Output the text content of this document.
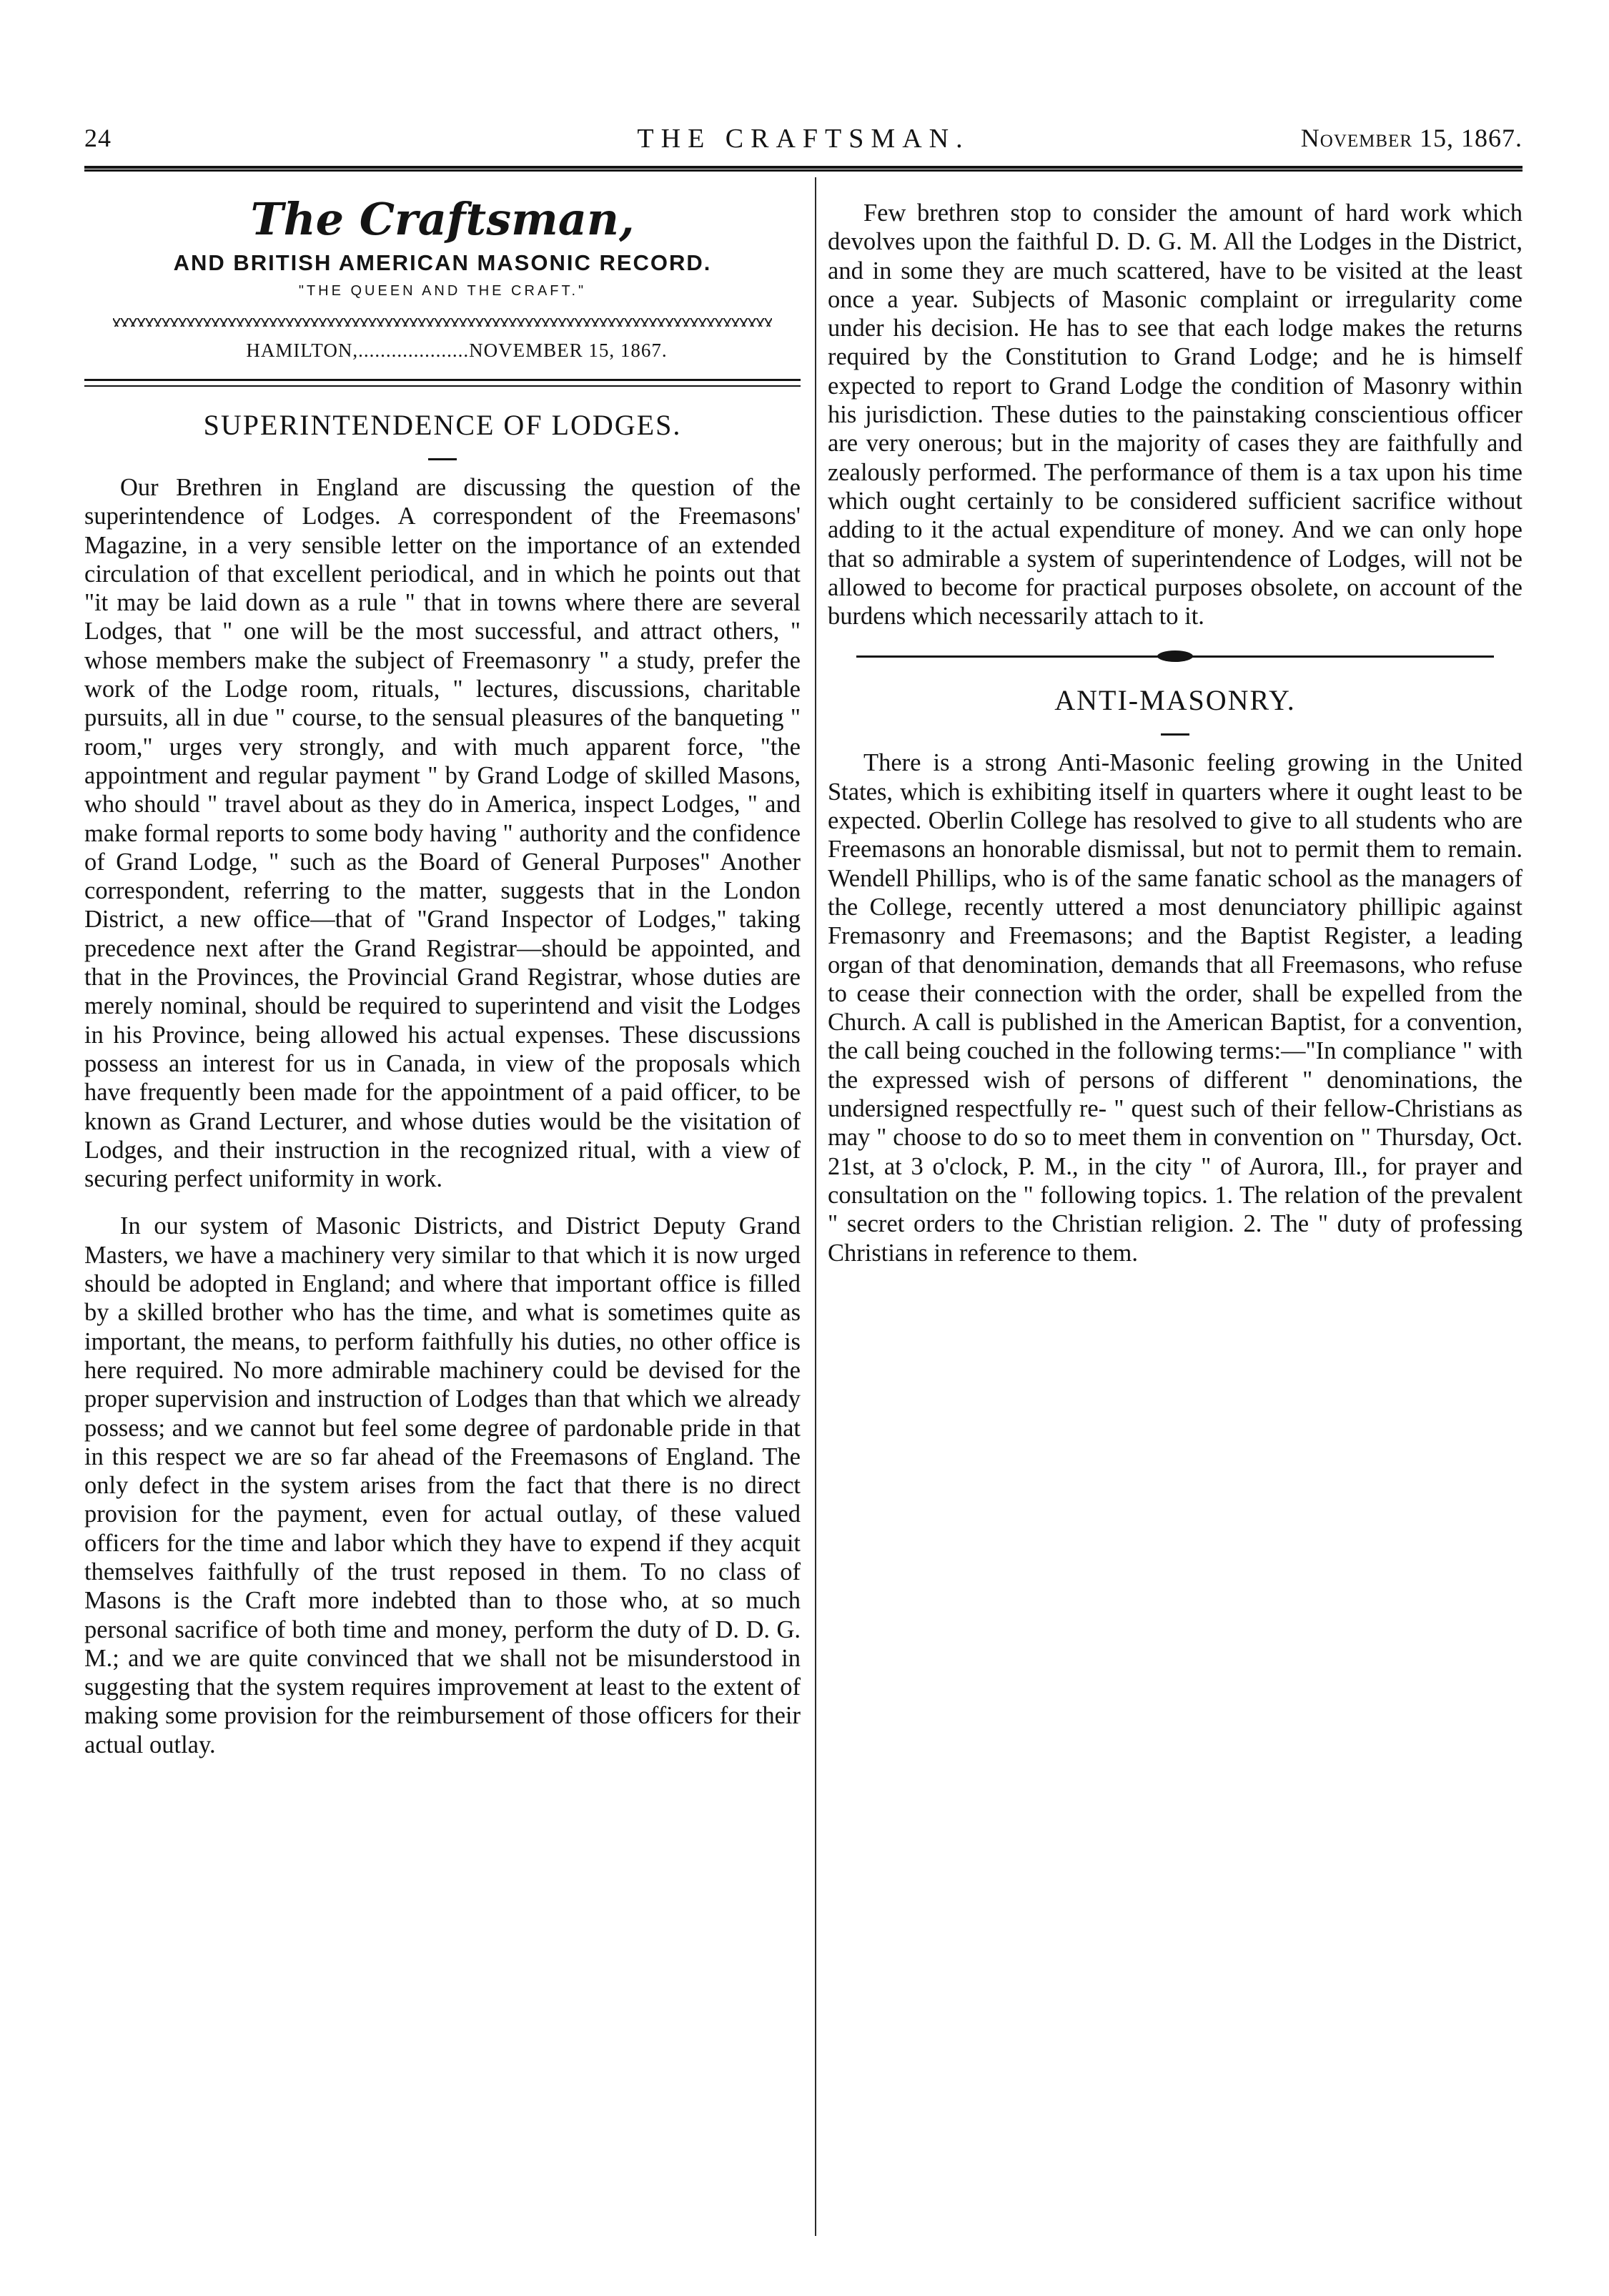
24	THE CRAFTSMAN.	November 15, 1867.
The Craftsman,
AND BRITISH AMERICAN MASONIC RECORD.
"THE QUEEN AND THE CRAFT."
HAMILTON,....................NOVEMBER 15, 1867.
SUPERINTENDENCE OF LODGES.

Our Brethren in England are discussing the question of the superintendence of Lodges. A correspondent of the Freemasons' Magazine, in a very sensible letter on the importance of an extended circulation of that excellent periodical, and in which he points out that "it may be laid down as a rule " that in towns where there are several Lodges, that " one will be the most successful, and attract others, " whose members make the subject of Freemasonry " a study, prefer the work of the Lodge room, rituals, " lectures, discussions, charitable pursuits, all in due " course, to the sensual pleasures of the banqueting " room," urges very strongly, and with much apparent force, "the appointment and regular payment " by Grand Lodge of skilled Masons, who should " travel about as they do in America, inspect Lodges, " and make formal reports to some body having " authority and the confidence of Grand Lodge, " such as the Board of General Purposes" Another correspondent, referring to the matter, suggests that in the London District, a new office—that of "Grand Inspector of Lodges," taking precedence next after the Grand Registrar—should be appointed, and that in the Provinces, the Provincial Grand Registrar, whose duties are merely nominal, should be required to superintend and visit the Lodges in his Province, being allowed his actual expenses. These discussions possess an interest for us in Canada, in view of the proposals which have frequently been made for the appointment of a paid officer, to be known as Grand Lecturer, and whose duties would be the visitation of Lodges, and their instruction in the recognized ritual, with a view of securing perfect uniformity in work.

In our system of Masonic Districts, and District Deputy Grand Masters, we have a machinery very similar to that which it is now urged should be adopted in England; and where that important office is filled by a skilled brother who has the time, and what is sometimes quite as important, the means, to perform faithfully his duties, no other office is here required. No more admirable machinery could be devised for the proper supervision and instruction of Lodges than that which we already possess; and we cannot but feel some degree of pardonable pride in that in this respect we are so far ahead of the Freemasons of England. The only defect in the system arises from the fact that there is no direct provision for the payment, even for actual outlay, of these valued officers for the time and labor which they have to expend if they acquit themselves faithfully of the trust reposed in them. To no class of Masons is the Craft more indebted than to those who, at so much personal sacrifice of both time and money, perform the duty of D. D. G. M.; and we are quite convinced that we shall not be misunderstood in suggesting that the system requires improvement at least to the extent of making some provision for the reimbursement of those officers for their actual outlay.

Few brethren stop to consider the amount of hard work which devolves upon the faithful D. D. G. M. All the Lodges in the District, and in some they are much scattered, have to be visited at the least once a year. Subjects of Masonic complaint or irregularity come under his decision. He has to see that each lodge makes the returns required by the Constitution to Grand Lodge; and he is himself expected to report to Grand Lodge the condition of Masonry within his jurisdiction. These duties to the painstaking conscientious officer are very onerous; but in the majority of cases they are faithfully and zealously performed. The performance of them is a tax upon his time which ought certainly to be considered sufficient sacrifice without adding to it the actual expenditure of money. And we can only hope that so admirable a system of superintendence of Lodges, will not be allowed to become for practical purposes obsolete, on account of the burdens which necessarily attach to it.

ANTI-MASONRY.

There is a strong Anti-Masonic feeling growing in the United States, which is exhibiting itself in quarters where it ought least to be expected. Oberlin College has resolved to give to all students who are Freemasons an honorable dismissal, but not to permit them to remain. Wendell Phillips, who is of the same fanatic school as the managers of the College, recently uttered a most denunciatory phillipic against Fremasonry and Freemasons; and the Baptist Register, a leading organ of that denomination, demands that all Freemasons, who refuse to cease their connection with the order, shall be expelled from the Church. A call is published in the American Baptist, for a convention, the call being couched in the following terms:—"In compliance " with the expressed wish of persons of different " denominations, the undersigned respectfully re- " quest such of their fellow-Christians as may " choose to do so to meet them in convention on " Thursday, Oct. 21st, at 3 o'clock, P. M., in the city " of Aurora, Ill., for prayer and consultation on the " following topics. 1. The relation of the prevalent " secret orders to the Christian religion. 2. The " duty of professing Christians in reference to them.
